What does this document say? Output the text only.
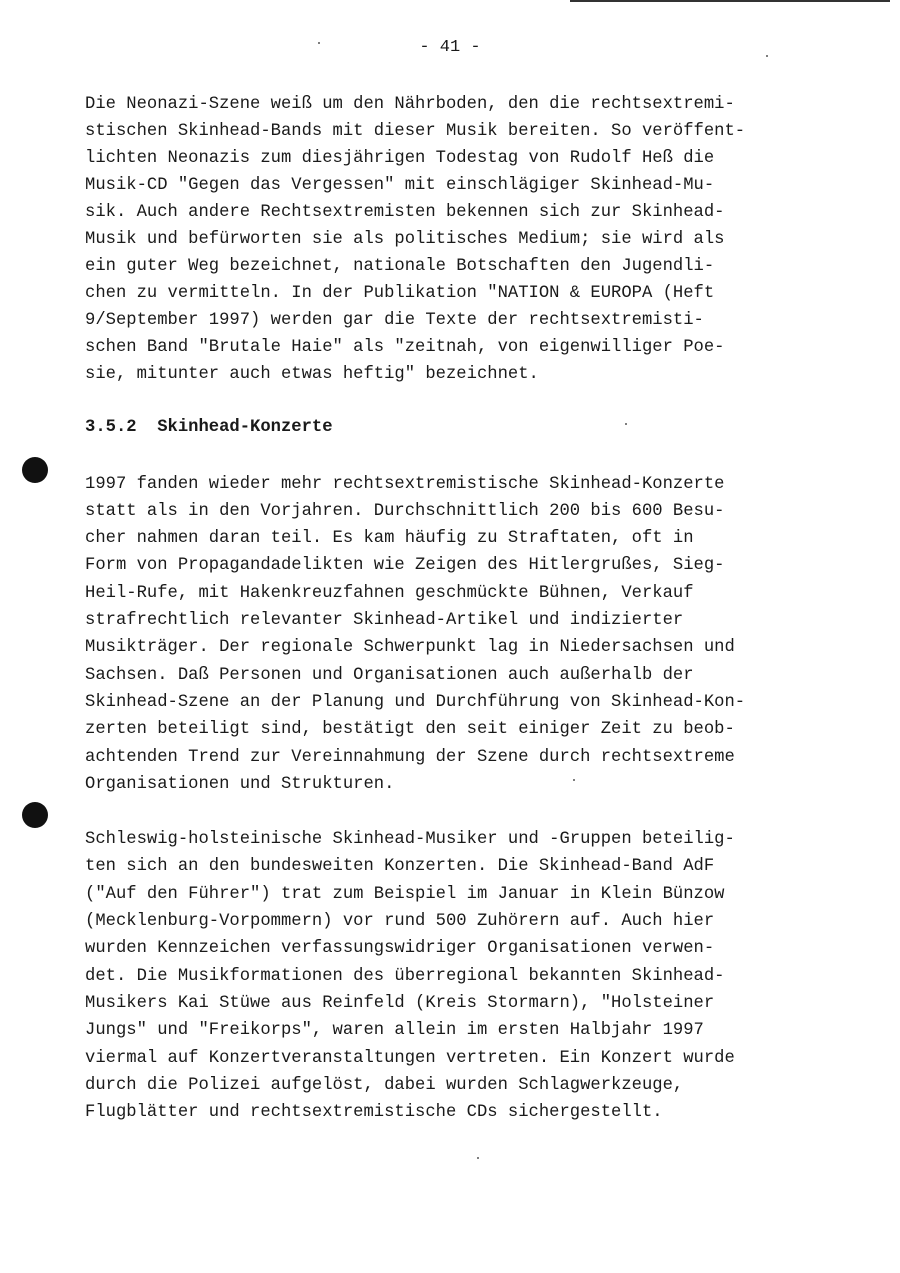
- 41 -
Die Neonazi-Szene weiß um den Nährboden, den die rechtsextremi-
stischen Skinhead-Bands mit dieser Musik bereiten. So veröffent-
lichten Neonazis zum diesjährigen Todestag von Rudolf Heß die
Musik-CD "Gegen das Vergessen" mit einschlägiger Skinhead-Mu-
sik. Auch andere Rechtsextremisten bekennen sich zur Skinhead-
Musik und befürworten sie als politisches Medium; sie wird als
ein guter Weg bezeichnet, nationale Botschaften den Jugendli-
chen zu vermitteln. In der Publikation "NATION & EUROPA (Heft
9/September 1997) werden gar die Texte der rechtsextremisti-
schen Band "Brutale Haie" als "zeitnah, von eigenwilliger Poe-
sie, mitunter auch etwas heftig" bezeichnet.
3.5.2  Skinhead-Konzerte
1997 fanden wieder mehr rechtsextremistische Skinhead-Konzerte
statt als in den Vorjahren. Durchschnittlich 200 bis 600 Besu-
cher nahmen daran teil. Es kam häufig zu Straftaten, oft in
Form von Propagandadelikten wie Zeigen des Hitlergrußes, Sieg-
Heil-Rufe, mit Hakenkreuzfahnen geschmückte Bühnen, Verkauf
strafrechtlich relevanter Skinhead-Artikel und indizierter
Musikträger. Der regionale Schwerpunkt lag in Niedersachsen und
Sachsen. Daß Personen und Organisationen auch außerhalb der
Skinhead-Szene an der Planung und Durchführung von Skinhead-Kon-
zerten beteiligt sind, bestätigt den seit einiger Zeit zu beob-
achtenden Trend zur Vereinnahmung der Szene durch rechtsextreme
Organisationen und Strukturen.
Schleswig-holsteinische Skinhead-Musiker und -Gruppen beteilig-
ten sich an den bundesweiten Konzerten. Die Skinhead-Band AdF
("Auf den Führer") trat zum Beispiel im Januar in Klein Bünzow
(Mecklenburg-Vorpommern) vor rund 500 Zuhörern auf. Auch hier
wurden Kennzeichen verfassungswidriger Organisationen verwen-
det. Die Musikformationen des überregional bekannten Skinhead-
Musikers Kai Stüwe aus Reinfeld (Kreis Stormarn), "Holsteiner
Jungs" und "Freikorps", waren allein im ersten Halbjahr 1997
viermal auf Konzertveranstaltungen vertreten. Ein Konzert wurde
durch die Polizei aufgelöst, dabei wurden Schlagwerkzeuge,
Flugblätter und rechtsextremistische CDs sichergestellt.
